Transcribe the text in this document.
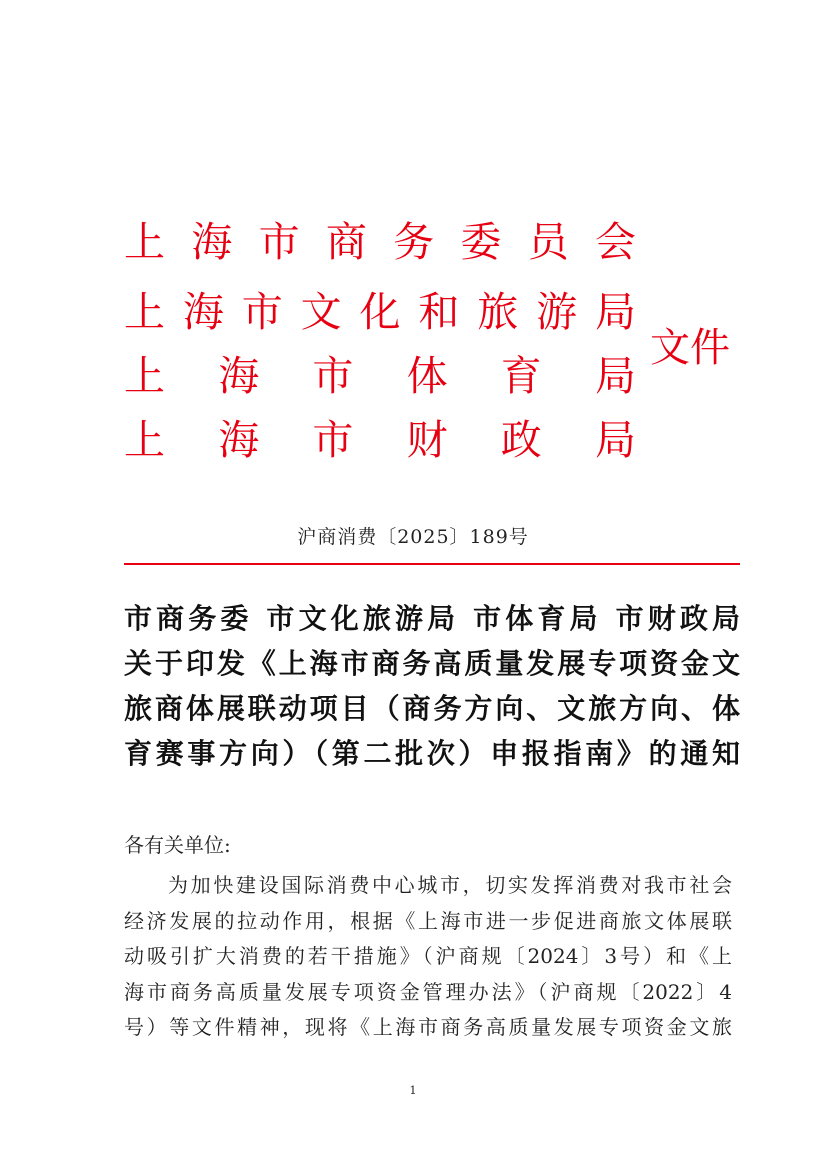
上 海 市 商 务 委 员 会
上 海 市 文 化 和 旅 游 局
上 海 市 体 育 局
上 海 市 财 政 局
文件
沪商消费〔2025〕189号
市商务委 市文化旅游局 市体育局 市财政局
关于印发《上海市商务高质量发展专项资金文
旅商体展联动项目（商务方向、文旅方向、体
育赛事方向）（第二批次）申报指南》的通知
各有关单位:
为加快建设国际消费中心城市，切实发挥消费对我市社会
经济发展的拉动作用，根据《上海市进一步促进商旅文体展联
动吸引扩大消费的若干措施》（沪商规〔2024〕3号）和《上
海市商务高质量发展专项资金管理办法》（沪商规〔2022〕4
号）等文件精神，现将《上海市商务高质量发展专项资金文旅
1
